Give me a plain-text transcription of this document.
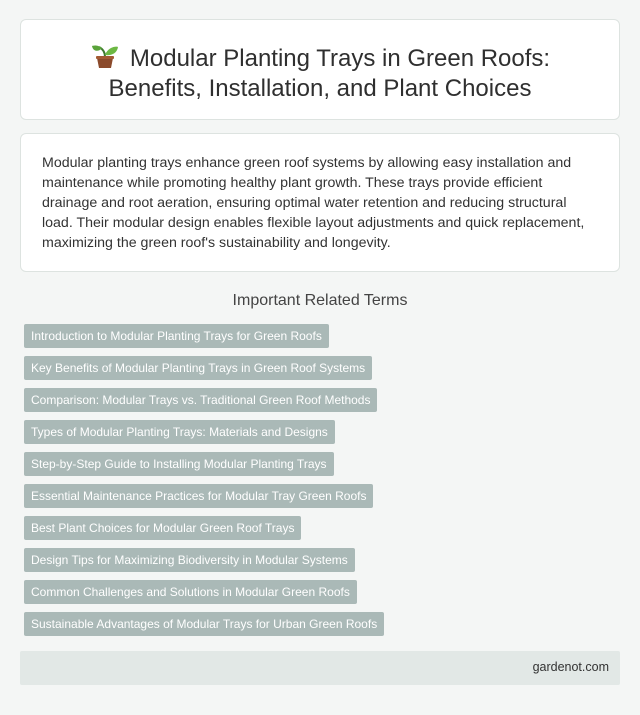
Modular Planting Trays in Green Roofs:
Benefits, Installation, and Plant Choices

Modular planting trays enhance green roof systems by allowing easy installation and maintenance while promoting healthy plant growth. These trays provide efficient drainage and root aeration, ensuring optimal water retention and reducing structural load. Their modular design enables flexible layout adjustments and quick replacement, maximizing the green roof's sustainability and longevity.

Important Related Terms
Introduction to Modular Planting Trays for Green Roofs
Key Benefits of Modular Planting Trays in Green Roof Systems
Comparison: Modular Trays vs. Traditional Green Roof Methods
Types of Modular Planting Trays: Materials and Designs
Step-by-Step Guide to Installing Modular Planting Trays
Essential Maintenance Practices for Modular Tray Green Roofs
Best Plant Choices for Modular Green Roof Trays
Design Tips for Maximizing Biodiversity in Modular Systems
Common Challenges and Solutions in Modular Green Roofs
Sustainable Advantages of Modular Trays for Urban Green Roofs
gardenot.com
